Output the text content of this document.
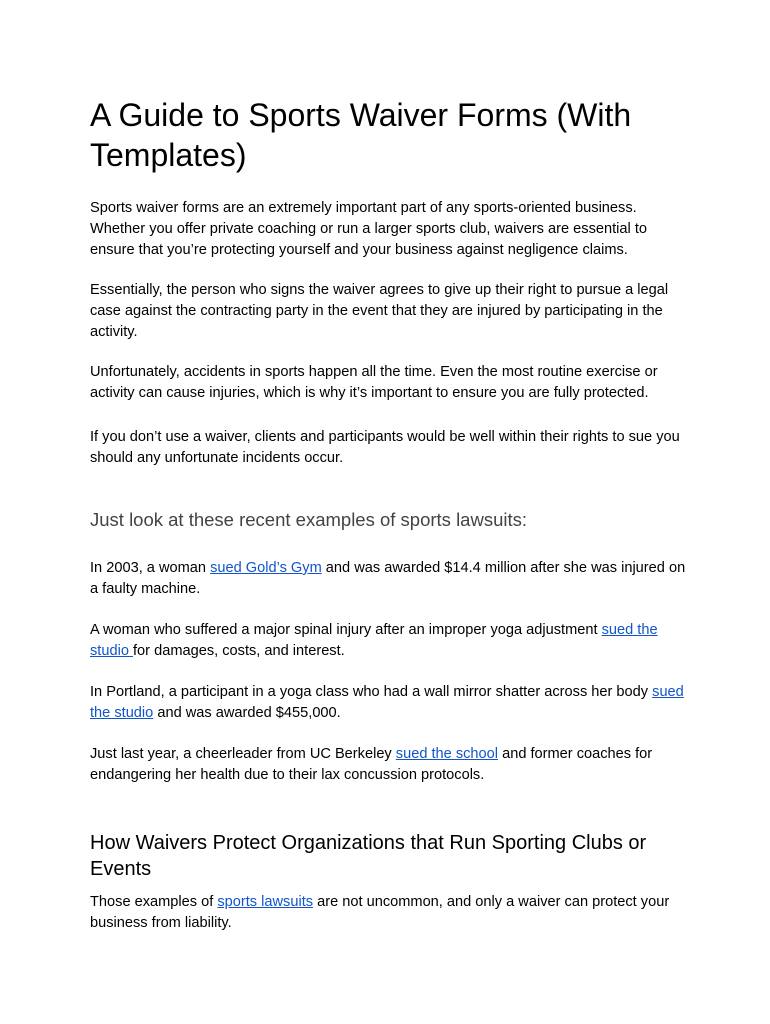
A Guide to Sports Waiver Forms (With Templates)

Sports waiver forms are an extremely important part of any sports-oriented business. Whether you offer private coaching or run a larger sports club, waivers are essential to ensure that you’re protecting yourself and your business against negligence claims.

Essentially, the person who signs the waiver agrees to give up their right to pursue a legal case against the contracting party in the event that they are injured by participating in the activity.

Unfortunately, accidents in sports happen all the time. Even the most routine exercise or activity can cause injuries, which is why it’s important to ensure you are fully protected.

If you don’t use a waiver, clients and participants would be well within their rights to sue you should any unfortunate incidents occur.

Just look at these recent examples of sports lawsuits:

In 2003, a woman sued Gold’s Gym and was awarded $14.4 million after she was injured on a faulty machine.

A woman who suffered a major spinal injury after an improper yoga adjustment sued the studio for damages, costs, and interest.

In Portland, a participant in a yoga class who had a wall mirror shatter across her body sued the studio and was awarded $455,000.

Just last year, a cheerleader from UC Berkeley sued the school and former coaches for endangering her health due to their lax concussion protocols.

How Waivers Protect Organizations that Run Sporting Clubs or Events

Those examples of sports lawsuits are not uncommon, and only a waiver can protect your business from liability.
